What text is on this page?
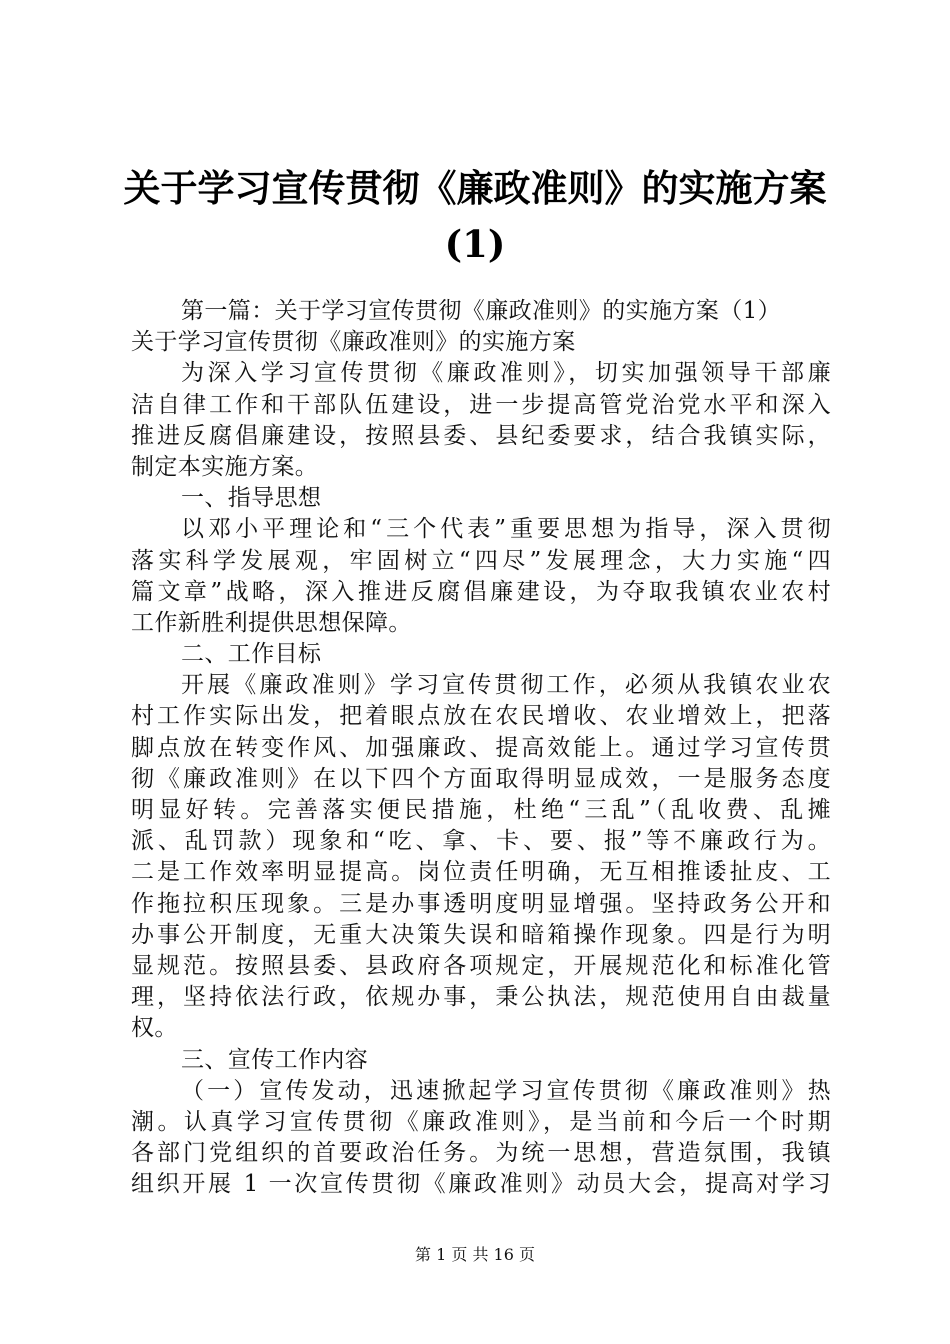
关于学习宣传贯彻《廉政准则》的实施方案
(1)
第一篇：关于学习宣传贯彻《廉政准则》的实施方案（1）
关于学习宣传贯彻《廉政准则》的实施方案
为深入学习宣传贯彻《廉政准则》，切实加强领导干部廉
洁自律工作和干部队伍建设，进一步提高管党治党水平和深入
推进反腐倡廉建设，按照县委、县纪委要求，结合我镇实际，
制定本实施方案。
一、指导思想
以邓小平理论和“三个代表”重要思想为指导，深入贯彻
落实科学发展观，牢固树立“四尽”发展理念，大力实施“四
篇文章”战略，深入推进反腐倡廉建设，为夺取我镇农业农村
工作新胜利提供思想保障。
二、工作目标
开展《廉政准则》学习宣传贯彻工作，必须从我镇农业农
村工作实际出发，把着眼点放在农民增收、农业增效上，把落
脚点放在转变作风、加强廉政、提高效能上。通过学习宣传贯
彻《廉政准则》在以下四个方面取得明显成效，一是服务态度
明显好转。完善落实便民措施，杜绝“三乱”（乱收费、乱摊
派、乱罚款）现象和“吃、拿、卡、要、报”等不廉政行为。
二是工作效率明显提高。岗位责任明确，无互相推诿扯皮、工
作拖拉积压现象。三是办事透明度明显增强。坚持政务公开和
办事公开制度，无重大决策失误和暗箱操作现象。四是行为明
显规范。按照县委、县政府各项规定，开展规范化和标准化管
理，坚持依法行政，依规办事，秉公执法，规范使用自由裁量
权。
三、宣传工作内容
（一）宣传发动，迅速掀起学习宣传贯彻《廉政准则》热
潮。认真学习宣传贯彻《廉政准则》，是当前和今后一个时期
各部门党组织的首要政治任务。为统一思想，营造氛围，我镇
组织开展 1 一次宣传贯彻《廉政准则》动员大会，提高对学习
第 1 页 共 16 页
